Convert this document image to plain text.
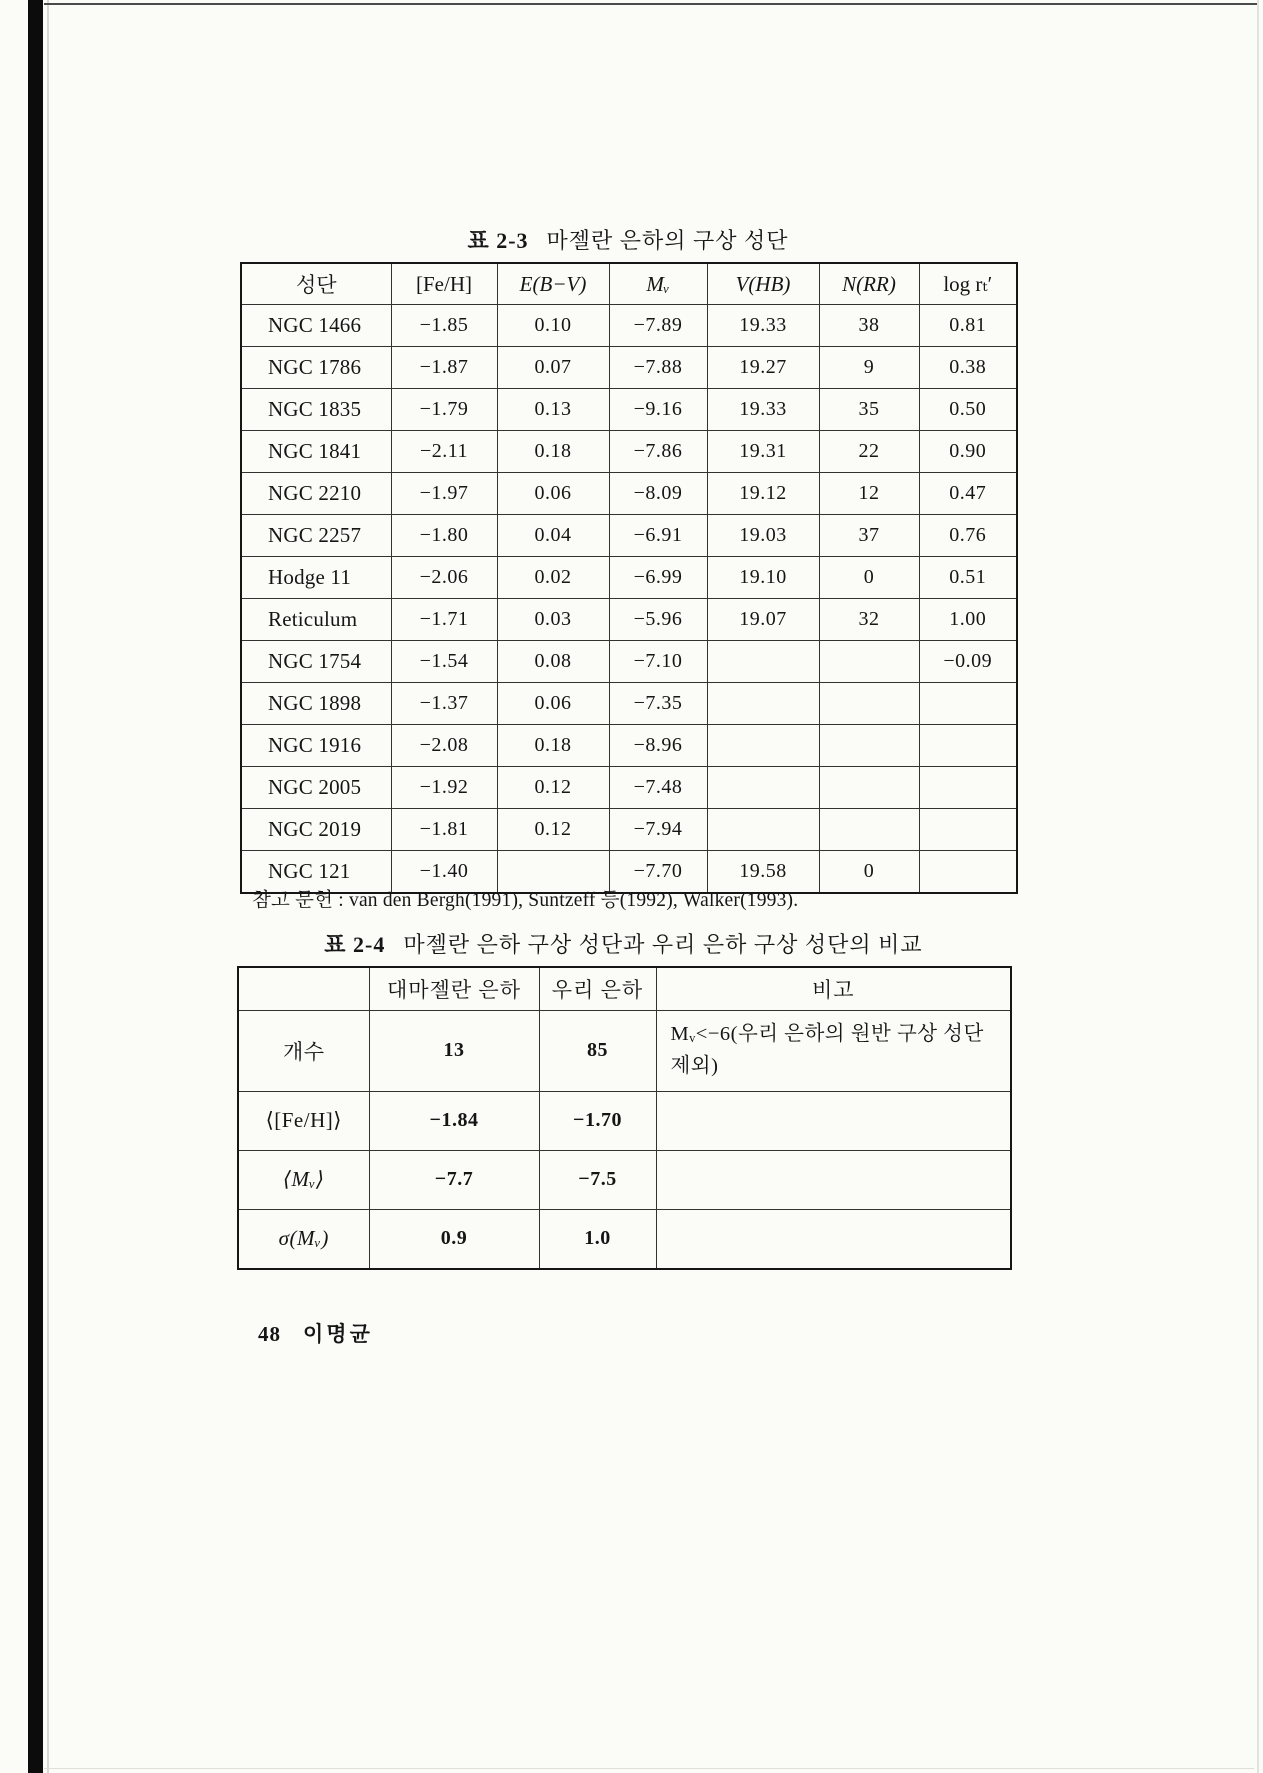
표 2-3 마젤란 은하의 구상 성단
성단	[Fe/H]	E(B−V)	Mᵥ	V(HB)	N(RR)	log rₜ′
NGC 1466	−1.85	0.10	−7.89	19.33	38	0.81
NGC 1786	−1.87	0.07	−7.88	19.27	9	0.38
NGC 1835	−1.79	0.13	−9.16	19.33	35	0.50
NGC 1841	−2.11	0.18	−7.86	19.31	22	0.90
NGC 2210	−1.97	0.06	−8.09	19.12	12	0.47
NGC 2257	−1.80	0.04	−6.91	19.03	37	0.76
Hodge 11	−2.06	0.02	−6.99	19.10	0	0.51
Reticulum	−1.71	0.03	−5.96	19.07	32	1.00
NGC 1754	−1.54	0.08	−7.10			−0.09
NGC 1898	−1.37	0.06	−7.35			
NGC 1916	−2.08	0.18	−8.96			
NGC 2005	−1.92	0.12	−7.48			
NGC 2019	−1.81	0.12	−7.94			
NGC 121	−1.40		−7.70	19.58	0	
참고 문헌 : van den Bergh(1991), Suntzeff 등(1992), Walker(1993).
표 2-4 마젤란 은하 구상 성단과 우리 은하 구상 성단의 비교
	대마젤란 은하	우리 은하	비고
개수	13	85	Mᵥ<−6(우리 은하의 원반 구상 성단 제외)
⟨[Fe/H]⟩	−1.84	−1.70	
⟨Mᵥ⟩	−7.7	−7.5	
σ(Mᵥ)	0.9	1.0	
48 이명균
